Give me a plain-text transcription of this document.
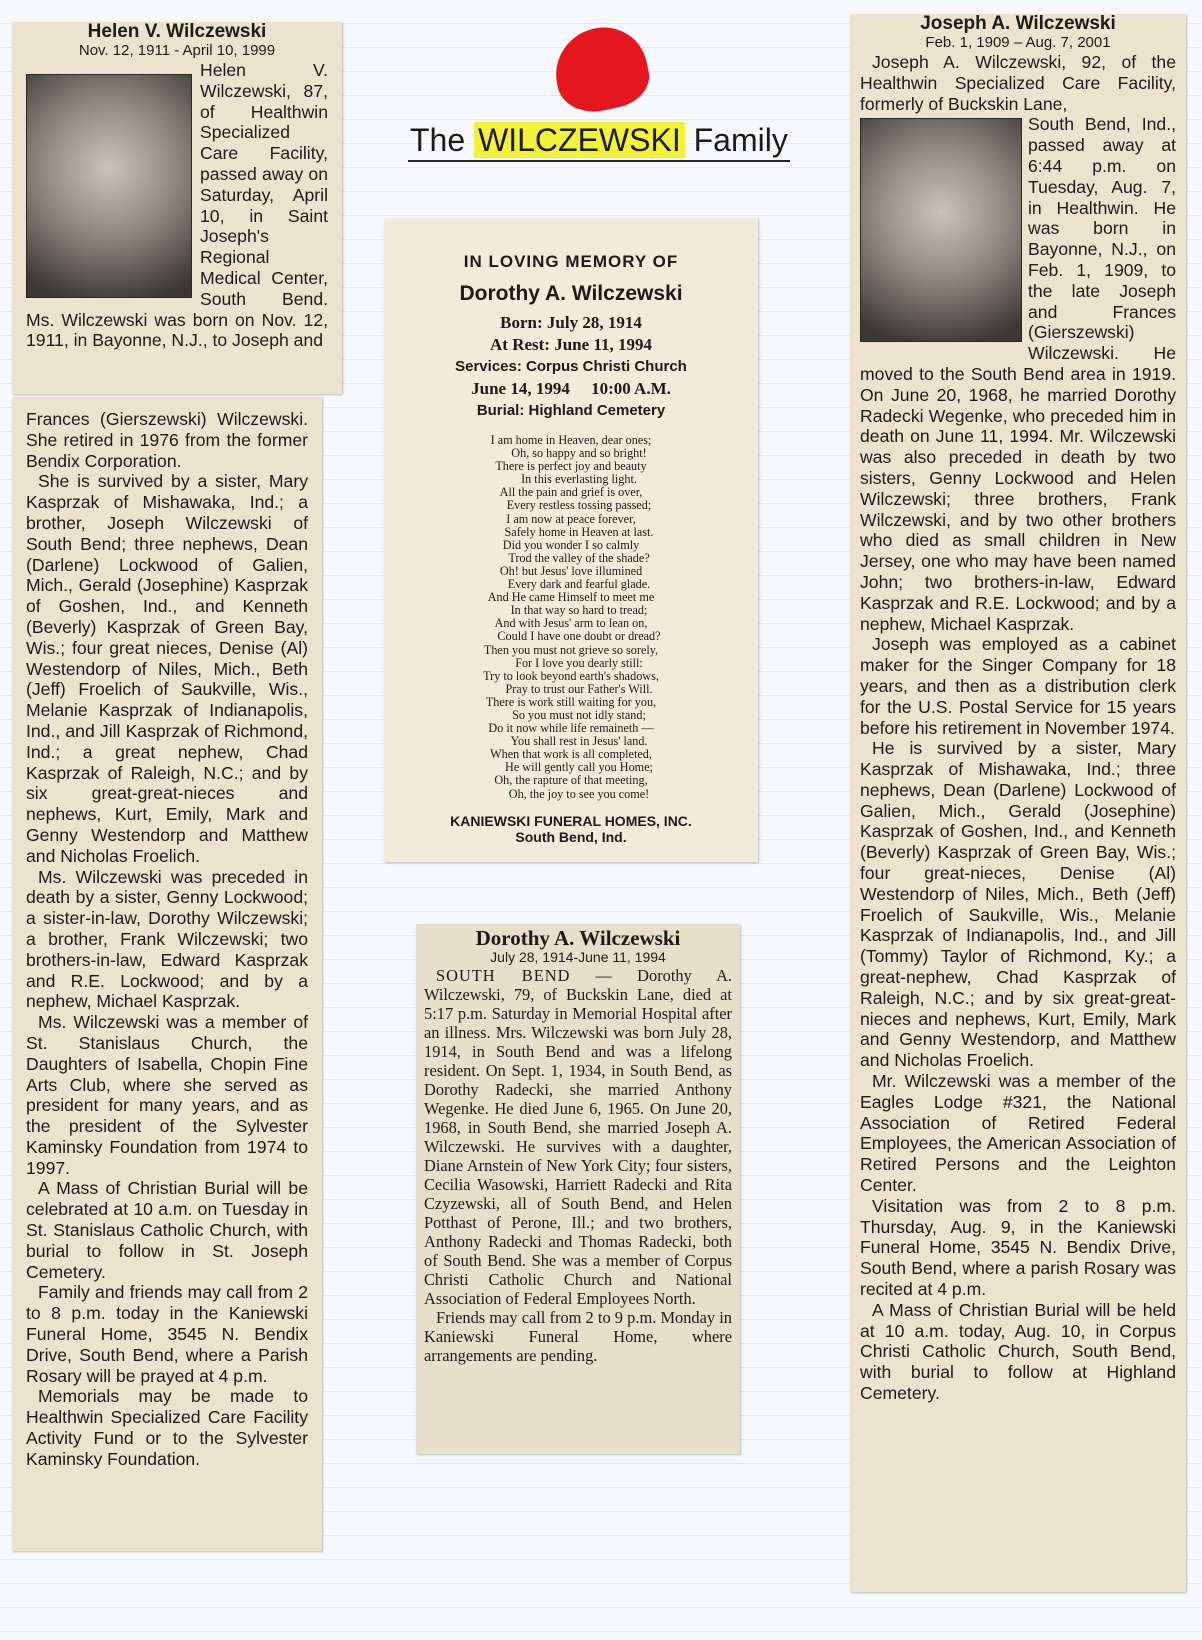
The WILCZEWSKI Family
Helen V. Wilczewski
Nov. 12, 1911 - April 10, 1999
Helen V. Wilczewski, 87, of Healthwin Specialized Care Facility, passed away on Saturday, April 10, in Saint Joseph's Regional Medical Center, South Bend. Ms. Wilczewski was born on Nov. 12, 1911, in Bayonne, N.J., to Joseph and

Frances (Gierszewski) Wilczewski. She retired in 1976 from the former Bendix Corporation.

She is survived by a sister, Mary Kasprzak of Mishawaka, Ind.; a brother, Joseph Wilczewski of South Bend; three nephews, Dean (Darlene) Lockwood of Galien, Mich., Gerald (Josephine) Kasprzak of Goshen, Ind., and Kenneth (Beverly) Kasprzak of Green Bay, Wis.; four great nieces, Denise (Al) Westendorp of Niles, Mich., Beth (Jeff) Froelich of Saukville, Wis., Melanie Kasprzak of Indianapolis, Ind., and Jill Kasprzak of Richmond, Ind.; a great nephew, Chad Kasprzak of Raleigh, N.C.; and by six great-great-nieces and nephews, Kurt, Emily, Mark and Genny Westendorp and Matthew and Nicholas Froelich.

Ms. Wilczewski was preceded in death by a sister, Genny Lockwood; a sister-in-law, Dorothy Wilczewski; a brother, Frank Wilczewski; two brothers-in-law, Edward Kasprzak and R.E. Lockwood; and by a nephew, Michael Kasprzak.

Ms. Wilczewski was a member of St. Stanislaus Church, the Daughters of Isabella, Chopin Fine Arts Club, where she served as president for many years, and as the president of the Sylvester Kaminsky Foundation from 1974 to 1997.

A Mass of Christian Burial will be celebrated at 10 a.m. on Tuesday in St. Stanislaus Catholic Church, with burial to follow in St. Joseph Cemetery.

Family and friends may call from 2 to 8 p.m. today in the Kaniewski Funeral Home, 3545 N. Bendix Drive, South Bend, where a Parish Rosary will be prayed at 4 p.m.

Memorials may be made to Healthwin Specialized Care Facility Activity Fund or to the Sylvester Kaminsky Foundation.

IN LOVING MEMORY OF
Dorothy A. Wilczewski
Born: July 28, 1914
At Rest: June 11, 1994
Services: Corpus Christi Church
June 14, 1994     10:00 A.M.
Burial: Highland Cemetery
I am home in Heaven, dear ones;
Oh, so happy and so bright!
There is perfect joy and beauty
In this everlasting light.
All the pain and grief is over,
Every restless tossing passed;
I am now at peace forever,
Safely home in Heaven at last.
Did you wonder I so calmly
Trod the valley of the shade?
Oh! but Jesus' love illumined
Every dark and fearful glade.
And He came Himself to meet me
In that way so hard to tread;
And with Jesus' arm to lean on,
Could I have one doubt or dread?
Then you must not grieve so sorely,
For I love you dearly still:
Try to look beyond earth's shadows,
Pray to trust our Father's Will.
There is work still waiting for you,
So you must not idly stand;
Do it now while life remaineth —
You shall rest in Jesus' land.
When that work is all completed,
He will gently call you Home;
Oh, the rapture of that meeting,
Oh, the joy to see you come!
KANIEWSKI FUNERAL HOMES, INC.
South Bend, Ind.
Dorothy A. Wilczewski
July 28, 1914-June 11, 1994

SOUTH BEND — Dorothy A. Wilczewski, 79, of Buckskin Lane, died at 5:17 p.m. Saturday in Memorial Hospital after an illness. Mrs. Wilczewski was born July 28, 1914, in South Bend and was a lifelong resident. On Sept. 1, 1934, in South Bend, as Dorothy Radecki, she married Anthony Wegenke. He died June 6, 1965. On June 20, 1968, in South Bend, she married Joseph A. Wilczewski. He survives with a daughter, Diane Arnstein of New York City; four sisters, Cecilia Wasowski, Harriett Radecki and Rita Czyzewski, all of South Bend, and Helen Potthast of Perone, Ill.; and two brothers, Anthony Radecki and Thomas Radecki, both of South Bend. She was a member of Corpus Christi Catholic Church and National Association of Federal Employees North.

Friends may call from 2 to 9 p.m. Monday in Kaniewski Funeral Home, where arrangements are pending.

Joseph A. Wilczewski
Feb. 1, 1909 – Aug. 7, 2001

Joseph A. Wilczewski, 92, of the Healthwin Specialized Care Facility, formerly of Buckskin Lane,

South Bend, Ind., passed away at 6:44 p.m. on Tuesday, Aug. 7, in Healthwin. He was born in Bayonne, N.J., on Feb. 1, 1909, to the late Joseph and Frances (Gierszewski) Wilczewski. He moved to the South Bend area in 1919. On June 20, 1968, he married Dorothy Radecki Wegenke, who preceded him in death on June 11, 1994. Mr. Wilczewski was also preceded in death by two sisters, Genny Lockwood and Helen Wilczewski; three brothers, Frank Wilczewski, and by two other brothers who died as small children in New Jersey, one who may have been named John; two brothers-in-law, Edward Kasprzak and R.E. Lockwood; and by a nephew, Michael Kasprzak.

Joseph was employed as a cabinet maker for the Singer Company for 18 years, and then as a distribution clerk for the U.S. Postal Service for 15 years before his retirement in November 1974.

He is survived by a sister, Mary Kasprzak of Mishawaka, Ind.; three nephews, Dean (Darlene) Lockwood of Galien, Mich., Gerald (Josephine) Kasprzak of Goshen, Ind., and Kenneth (Beverly) Kasprzak of Green Bay, Wis.; four great-nieces, Denise (Al) Westendorp of Niles, Mich., Beth (Jeff) Froelich of Saukville, Wis., Melanie Kasprzak of Indianapolis, Ind., and Jill (Tommy) Taylor of Richmond, Ky.; a great-nephew, Chad Kasprzak of Raleigh, N.C.; and by six great-great-nieces and nephews, Kurt, Emily, Mark and Genny Westendorp, and Matthew and Nicholas Froelich.

Mr. Wilczewski was a member of the Eagles Lodge #321, the National Association of Retired Federal Employees, the American Association of Retired Persons and the Leighton Center.

Visitation was from 2 to 8 p.m. Thursday, Aug. 9, in the Kaniewski Funeral Home, 3545 N. Bendix Drive, South Bend, where a parish Rosary was recited at 4 p.m.

A Mass of Christian Burial will be held at 10 a.m. today, Aug. 10, in Corpus Christi Catholic Church, South Bend, with burial to follow at Highland Cemetery.
